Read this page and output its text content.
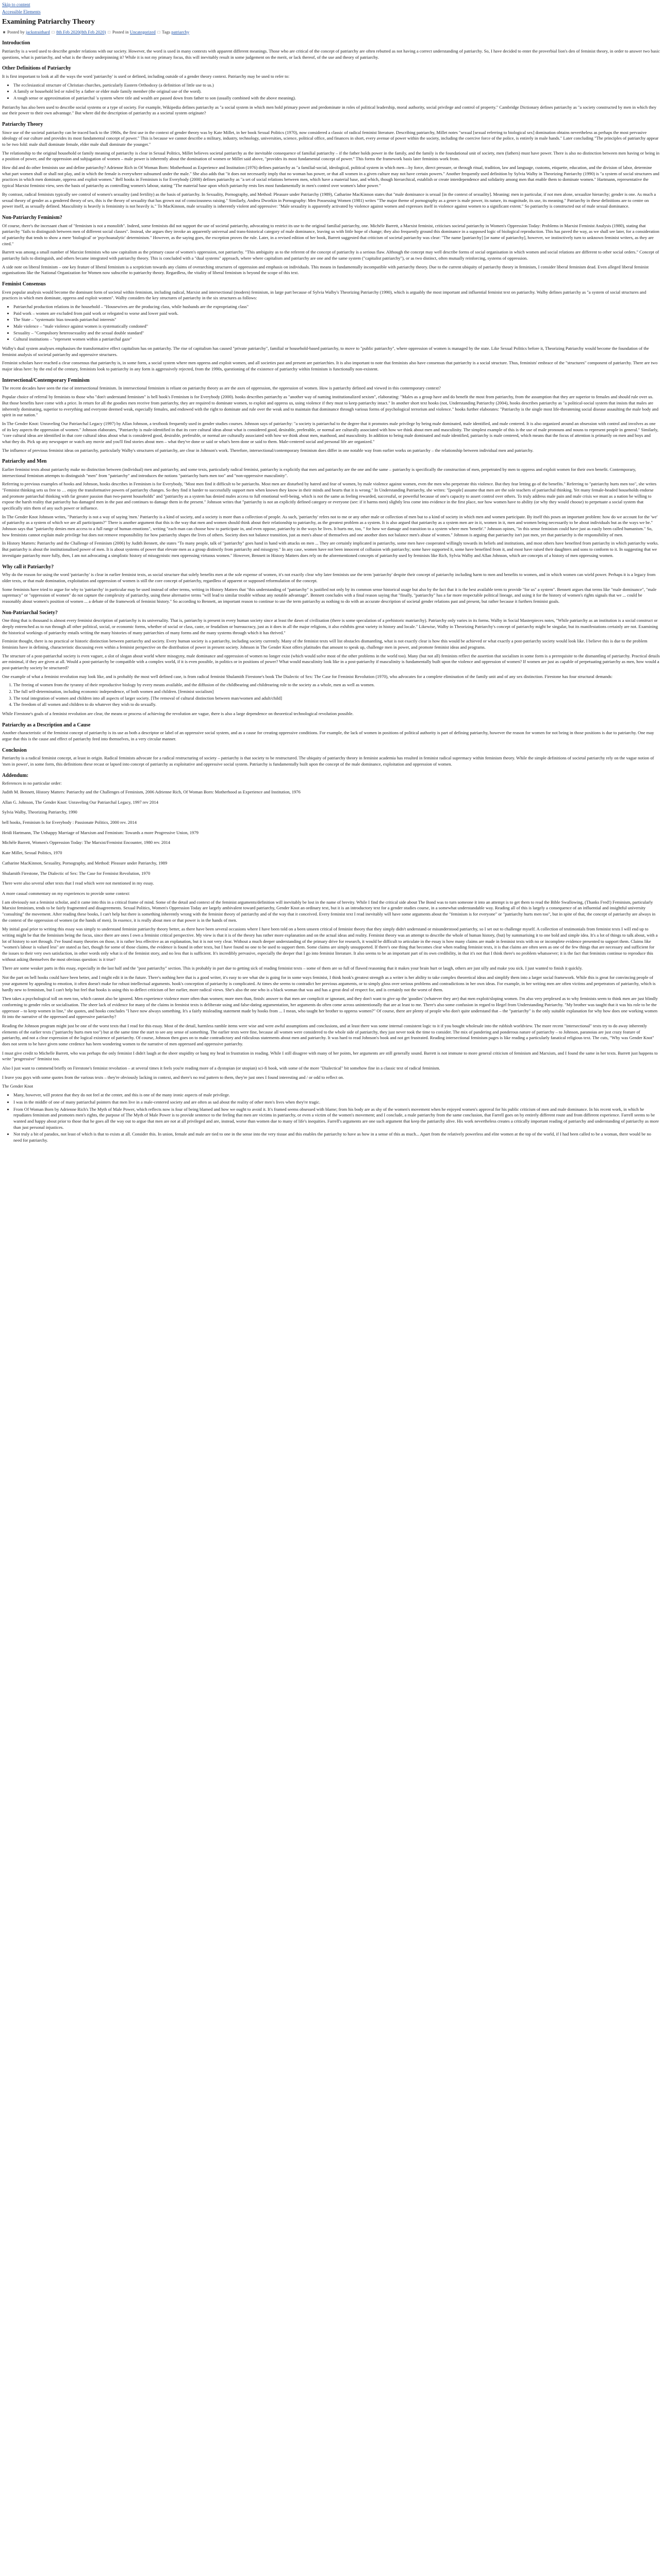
Skip to content
Accessible Elements
Examining Patriarchy Theory
■ Posted by jackstraithard □ 8th Feb 2020(8th Feb 2020) □ Posted in Uncategorized □ Tags patriarchy
Introduction

Patriarchy is a word used to describe gender relations with our society. However, the word is used in many contexts with apparent different meanings. Those who are critical of the concept of patriarchy are often rebutted as not having a correct understanding of patriarchy. So, I have decided to enter the proverbial lion's den of feminist theory, in order to answer two basic questions, what is patriarchy, and what is the theory underpinning it? While it is not my primary focus, this will inevitably result in some judgement on the merit, or lack thereof, of the use and theory of patriarchy.

Other Definitions of Patriarchy

It is first important to look at all the ways the word 'patriarchy' is used or defined, including outside of a gender theory context. Patriarchy may be used to refer to:

• The ecclesiastical structure of Christian churches, particularly Eastern Orthodoxy (a definition of little use to us.)
• A family or household led or ruled by a father or elder male family member (the original use of the word).
• A tough sense or approximation of patriarchal 'a system where title and wealth are passed down from father to son (usually combined with the above meaning).

Patriarchy has also been used to describe social systems or a type of society. For example, Wikipedia defines patriarchy as "a social system in which men hold primary power and predominate in roles of political leadership, moral authority, social privilege and control of property." Cambridge Dictionary defines patriarchy as "a society constructed by men in which they use their power to their own advantage." But where did the description of patriarchy as a societal system originate?

Patriarchy Theory

Since use of the societal patriarchy can be traced back to the 1960s, the first use in the context of gender theory was by Kate Millet, in her book Sexual Politics (1970), now considered a classic of radical feminist literature. Describing patriarchy, Millet notes "sexual [sexual referring to biological sex] domination obtains nevertheless as perhaps the most pervasive ideology of our culture and provides its most fundamental concept of power." This is because we cannot describe a military, industry, technology, universities, science, political office, and finances in short, every avenue of power within the society, including the coercive force of the police, is entirely in male hands." Later concluding "The principles of patriarchy appear to be two fold: male shall dominate female, elder male shall dominate the younger."

The relationship to the original household or family meaning of patriarchy is clear in Sexual Politics, Millet believes societal patriarchy as the inevitable consequence of familial patriarchy – if the father holds power in the family, and the family is the foundational unit of society, men (fathers) must have power. There is also no distinction between men having or being in a position of power, and the oppression and subjugation of women – male power is inherently about the domination of women or Millet said above, "provides its most fundamental concept of power." This forms the framework basis later feminists work from.

How did and do other feminists use and define patriarchy? Adrienne Rich in Of Woman Born: Motherhood as Experience and Institution (1976) defines patriarchy as "a familial-social, ideological, political system in which men—by force, direct pressure, or through ritual, tradition, law and language, customs, etiquette, education, and the division of labor, determine what part women shall or shall not play, and in which the female is everywhere subsumed under the male." She also adds that "it does not necessarily imply that no woman has power, or that all women in a given culture may not have certain powers." Another frequently used definition by Sylvia Walby in Theorizing Patriarchy (1990) is "a system of social structures and practices in which men dominate, oppress and exploit women." Bell hooks in Feminism is for Everybody (2000) defines patriarchy as "a set of social relations between men, which have a material base, and which, though hierarchical, establish or create interdependence and solidarity among men that enable them to dominate women." Hartmann, representative the typical Marxist feminist view, sees the basis of patriarchy as controlling women's labour, stating "The material base upon which patriarchy rests lies most fundamentally in men's control over women's labor power."

By contrast, radical feminists typically see control of women's sexuality (and fertility) as the basis of patriarchy. In Sexuality, Pornography, and Method: Pleasure under Patriarchy (1989), Catharine MacKinnon states that "male dominance is sexual [in the context of sexuality]. Meaning: men in particular, if not men alone, sexualize hierarchy; gender is one. As much a sexual theory of gender as a gendered theory of sex, this is the theory of sexuality that has grown out of consciousness raising." Similarly, Andrea Dworkin in Pornography: Men Possessing Women (1981) writes "The major theme of pornography as a genre is male power, its nature, its magnitude, its use, its meaning." Patriarchy in these definitions are to centre on power itself, as sexually defined. Masculinity is heavily is femininity is not heavily is." To MacKinnon, male sexuality is inherently violent and oppressive: "Male sexuality is apparently activated by violence against women and expresses itself in violence against women to a significant extent." So patriarchy is constructed out of male sexual dominance.

Non-Patriarchy Feminism?

Of course, there's the incessant chant of "feminism is not a monolith". Indeed, some feminists did not support the use of societal patriarchy, advocating to restrict its use to the original familial patriarchy, one. Michèle Barrett, a Marxist feminist, criticises societal patriarchy in Women's Oppression Today: Problems in Marxist Feminist Analysis (1980), stating that patriarchy "fails to distinguish between men of different social classes". Instead, she argues they invoke an apparently universal and trans-historical category of male dominance, leaving us with little hope of change; they also frequently ground this dominance in a supposed logic of biological reproduction. This has paved the way, as we shall see later, for a consideration of patriarchy that tends to show a mere 'biological' or 'psychoanalytic' determinism." However, as the saying goes, the exception proves the rule. Later, in a revised edition of her book, Barrett suggested that criticism of societal patriarchy was clear: "The name [patriarchy] [or name of patriarchy], however, we instinctively turn to unknown feminist writers, as they are cited."

Barrett was among a small number of Marxist feminists who saw capitalism as the primary cause of women's oppression, not patriarchy. "This ambiguity as to the referent of the concept of patriarchy is a serious flaw. Although the concept may well describe forms of social organisation in which women and social relations are different to other social orders." Concept of patriarchy fails to distinguish, and others became integrated with patriarchy theory. This is concluded with a "dual systems" approach, where where capitalism and patriarchy are one and the same system ("capitalist patriarchy"), or as two distinct, often mutually reinforcing, systems of oppression.

A side note on liberal feminism – one key feature of liberal feminism is a scepticism towards any claims of overarching structures of oppression and emphasis on individuals. This means in fundamentally incompatible with patriarchy theory. Due to the current ubiquity of patriarchy theory in feminism, I consider liberal feminism dead. Even alleged liberal feminist organisations like the National Organization for Women now subscribe to patriarchy theory. Regardless, the vitality of liberal feminism is beyond the scope of this text.

Feminist Consensus

Even popular analysis would become the dominant form of societal within feminism, including radical, Marxist and intersectional (modern) feminism, in large part because of Sylvia Walby's Theorizing Patriarchy (1990), which is arguably the most important and influential feminist text on patriarchy. Walby defines patriarchy as "a system of social structures and practices in which men dominate, oppress and exploit women". Walby considers the key structures of patriarchy in the six structures as follows:

• Patriarchal production relations in the household – "Housewives are the producing class, while husbands are the expropriating class"
• Paid work – women are excluded from paid work or relegated to worse and lower paid work.
• The State – "systematic bias towards patriarchal interests"
• Male violence – "male violence against women is systematically condoned"
• Sexuality – "Compulsory heterosexuality and the sexual double standard"
• Cultural institutions – "represent women within a patriarchal gaze"

Walby's dual system analyses emphasises the transformative effect capitalism has on patriarchy. The rise of capitalism has caused "private patriarchy", familial or household-based patriarchy, to move to "public patriarchy", where oppression of women is managed by the state. Like Sexual Politics before it, Theorizing Patriarchy would become the foundation of the feminist analysis of societal patriarchy and oppressive structures.

Feminist scholars have reached a clear consensus that patriarchy is, in some form, a social system where men oppress and exploit women, and all societies past and present are patriarchies. It is also important to note that feminists also have consensus that patriarchy is a social structure. Thus, feminists' embrace of the "structures" component of patriarchy. There are two major ideas here: by the end of the century, feminists look to patriarchy in any form is aggressively rejected, from the 1990s, questioning of the existence of patriarchy within feminism is functionally non-existent.

Intersectional/Contemporary Feminism

The recent decades have seen the rise of intersectional feminism. In intersectional feminism is reliant on patriarchy theory as are the axes of oppression, the oppression of women. How is patriarchy defined and viewed in this contemporary context?

Popular choice of referral by feminists to those who "don't understand feminism" is bell hook's Feminism is for Everybody (2000). hooks describes patriarchy as "another way of naming institutionalized sexism", elaborating: "Males as a group have and do benefit the most from patriarchy, from the assumption that they are superior to females and should rule over us. But those benefits have come with a price. In return for all the goodies men receive from patriarchy, they are required to dominate women, to exploit and oppress us, using violence if they must to keep patriarchy intact." In another short text hooks (not, Understanding Patriarchy (2004), hooks describes patriarchy as "a political-social system that insists that males are inherently dominating, superior to everything and everyone deemed weak, especially females, and endowed with the right to dominate and rule over the weak and to maintain that dominance through various forms of psychological terrorism and violence." hooks further elaborates: "Patriarchy is the single most life-threatening social disease assaulting the male body and spirit in our nation."

In The Gender Knot: Unraveling Our Patriarchal Legacy (1997) by Allan Johnson, a textbook frequently used in gender studies courses. Johnson says of patriarchy: "a society is patriarchal to the degree that it promotes male privilege by being male dominated, male identified, and male centered. It is also organized around an obsession with control and involves as one of its key aspects the oppression of women." Johnson elaborates, "Patriarchy is male-identified in that its core cultural ideas about what is considered good, desirable, preferable, or normal are culturally associated with how we think about men and masculinity. The simplest example of this is the use of male pronouns and nouns to represent people in general." Similarly, "core cultural ideas are identified in that core cultural ideas about what is considered good, desirable, preferable, or normal are culturally associated with how we think about men, manhood, and masculinity. In addition to being male dominated and male identified, patriarchy is male centered, which means that the focus of attention is primarily on men and boys and what they do. Pick up any newspaper or watch any movie and you'll find stories about men – what they've done or said or what's been done or said to them. Male-centered social and personal life are organized."

The influence of previous feminist ideas on patriarchy, particularly Walby's structures of patriarchy, are clear in Johnson's work. Therefore, intersectional/contemporary feminism does differ in one notable way from earlier works on patriarchy – the relationship between individual men and patriarchy.

Patriarchy and Men

Earlier feminist texts about patriarchy make no distinction between (individual) men and patriarchy, and some texts, particularly radical feminist, patriarchy is explicitly that men and patriarchy are the one and the same – patriarchy is specifically the construction of men, perpetrated by men to oppress and exploit women for their own benefit. Contemporary, intersectional feminism attempts to distinguish "men" from "patriarchy" and introduces the notions "patriarchy hurts men too" and "non-oppressive masculinity".

Referring to previous examples of hooks and Johnson, hooks describes in Feminism is for Everybody, "Most men find it difficult to be patriarchs. Most men are disturbed by hatred and fear of women, by male violence against women, even the men who perpetrate this violence. But they fear letting go of the benefits." Referring to "patriarchy hurts men too", she writes "Feminist thinking sets us free to … enjoy the transformative powers of patriarchy changes. So they find it harder to successfully support men when known they know in their minds and hearts that it is wrong." In Understanding Patriarchy, she writes: "[people] assume that men are the sole teachers of patriarchal thinking. Yet many female-headed households endorse and promote patriarchal thinking with far greater passion than two-parent households" and "patriarchy as a system has denied males access to full emotional well-being, which is not the same as feeling rewarded, successful, or powerful because of one's capacity to assert control over others. To truly address male pain and male crisis we must as a nation be willing to expose the harsh reality that patriarchy has damaged men in the past and continues to damage them in the present." Johnson writes that "patriarchy is not an explicitly defined category or everyone (see: if it harms men) slightly less come into evidence in the first place, nor how women have to ability (or why they would choose) to perpetuate a social system that specifically stirs them of any such power or influence.

In The Gender Knot Johnson writes, "Patriarchy is not a way of saying 'men.' Patriarchy is a kind of society, and a society is more than a collection of people. As such, 'patriarchy' refers not to me or any other male or collection of men but to a kind of society in which men and women participate. By itself this poses an important problem: how do we account for the 'we' of patriarchy as a system of which we are all participants?" There is another argument that this is the way that men and women should think about their relationship to patriarchy, as the greatest problem as a system. It is also argued that patriarchy as a system men are in it, women in it, men and women being necessarily to be about individuals but as the ways we be." Johnson says that "patriarchy denies men access to a full range of human emotions", writing "each man can choose how to participate in, and even oppose, patriarchy in the ways he lives. It hurts me, too, " for how we damage and transition to a system where men 'benefit'." Johnson opines, "in this sense feminism could have just as easily been called humanism." So, how feminists cannot explain male privilege but does not remove responsibility for how patriarchy shapes the lives of others. Society does not balance transition, just as men's abuse of themselves and one another does not balance men's abuse of women." Johnson is arguing that patriarchy isn't just men, yet that patriarchy is the responsibility of men.

In History Matters: Patriarchy and the Challenge of Feminism (2006) by Judith Bennett, she states "To many people, talk of "patriarchy" goes hand in hand with attacks on men ... They are certainly implicated in patriarchy, some men have cooperated willingly towards its beliefs and institutions, and most others have benefited from patriarchy in which patriarchy works. But patriarchy is about the institutionalised power of men. It is about systems of power that elevate men as a group distinctly from patriarchy and misogyny." In any case, women have not been innocent of collusion with patriarchy; some have supported it, some have benefited from it, and most have raised their daughters and sons to conform to it. In suggesting that we investigate patriarchy more fully, then, I am not advocating a simplistic history of misogynistic men oppressing virtuous women." However, Bennett in History Matters does rely on the aforementioned concepts of patriarchy used by feminists like Rich, Sylvia Walby and Allan Johnson, which are concepts of a history of men oppressing women.

Why call it Patriarchy?

Why do the reason for using the word 'patriarchy' is clear in earlier feminist texts, as social structure that solely benefits men at the sole expense of women, it's not exactly clear why later feminists use the term 'patriarchy' despite their concept of patriarchy including harm to men and benefits to women, and in which women can wield power. Perhaps it is a legacy from older texts, or that male domination, exploitation and oppression of women is still the core concept of patriarchy, regardless of apparent or supposed reformulation of the concept.

Some feminists have tried to argue for why to 'patriarchy' in particular may be used instead of other terms, writing in History Matters that "this understanding of "patriarchy" is justified not only by its common sense historical usage but also by the fact that it is the best available term to provide "for us" a system". Bennett argues that terms like "male dominance", "male supremacy" or "oppression of women" do not capture the complexity of patriarchy, using these alternative terms "will lead to similar trouble without any notable advantage". Bennett concludes with a final reason saying that "finally, "patriarchy" has a far more respectable political lineage, and using it for the history of women's rights signals that we ... could be reasonably about women's position of women ... a debate of the framework of feminist history." So according to Bennett, an important reason to continue to use the term patriarchy as nothing to do with an accurate description of societal gender relations past and present, but rather because it furthers feminist goals.

Non-Patriarchal Society?

One thing that is thousand is almost every feminist description of patriarchy is its universality. That is, patriarchy is present in every human society since at least the dawn of civilisation (there is some speculation of a prehistoric matriarchy). Patriarchy only varies in its forms. Walby in Social Masterpieces notes, "While patriarchy as an institution is a social construct or deeply entrenched as to run through all other political, social, or economic forms, whether of social or class, caste, or feudalism or bureaucracy, just as it does in all the major religions, it also exhibits great variety in history and locale." Likewise, Walby in Theorizing Patriarchy's concept of patriarchy might be singular, but its manifestations certainly are not. Examining the historical workings of patriarchy entails writing the many histories of many patriarchies of many forms and the many systems through which it has thrived."

Feminist thought, there is no practical or historic distinction between patriarchy and society. Every human society is a patriarchy, including society currently. Many of the feminist texts will list obstacles dismantling, what is not exactly clear is how this would be achieved or what exactly a post-patriarchy society would look like. I believe this is due to the problem feminists have in defining, characteristic discussing even within a feminist perspective on the distribution of power in present society. Johnson in The Gender Knot offers platitudes that amount to speak up, challenge men in power, and promote feminist ideas and programs.

The structure of a post-patriarchal society is even vaguer, a slot of slogan about world where misogyny, male dominance and oppression of women no longer exist (which would solve most of the other problems in the world too). Many (but not all) feminists reflect the assertion that socialism in some form is a prerequisite to the dismantling of patriarchy. Practical details are minimal, if they are given at all. Would a post-patriarchy be compatible with a complex world, if it is even possible, in politics or in positions of power? What would masculinity look like in a post-patriarchy if masculinity is fundamentally built upon the violence and oppression of women? If women are just as capable of perpetuating patriarchy as men, how would a post-patriarchy society be structured?

One example of what a feminist revolution may look like, and is probably the most well defined case, is from radical feminist Shulamith Firestone's book The Dialectic of Sex: The Case for Feminist Revolution (1970), who advocates for a complete elimination of the family unit and of any sex distinction. Firestone has four structural demands:

1. The freeing of women from the tyranny of their reproductive biology by every means available, and the diffusion of the childbearing and childrearing role to the society as a whole, men as well as women.
2. The full self-determination, including economic independence, of both women and children. [feminist socialism]
3. The total integration of women and children into all aspects of larger society. [The removal of cultural distinction between man/women and adult/child]
4. The freedom of all women and children to do whatever they wish to do sexually.

While Firestone's goals of a feminist revolution are clear, the means or process of achieving the revolution are vague, there is also a large dependence on theoretical technological revolution possible.

Patriarchy as a Description and a Cause

Another characteristic of the feminist concept of patriarchy is its use as both a descriptor or label of an oppressive social system, and as a cause for creating oppressive conditions. For example, the lack of women in positions of political authority is part of defining patriarchy, however the reason for women for not being in those positions is due to patriarchy. One may argue that this is the cause and effect of patriarchy feed into themselves, in a very circular manner.

Conclusion

Patriarchy is a radical feminist concept, at least in origin. Radical feminists advocate for a radical restructuring of society – patriarchy is that society to be restructured. The ubiquity of patriarchy theory in feminist academia has resulted in feminist radical supremacy within feminism theory. While the simple definitions of societal patriarchy rely on the vague notion of 'men in power', in some form, this definitions these recast or lapsed into concept of patriarchy as exploitative and oppressive social system. Patriarchy is fundamentally built upon the concept of the male dominance, exploitation and oppression of women.

Addendum:

References in no particular order:

Judith M. Bennett, History Matters: Patriarchy and the Challenges of Feminism, 2006 Adrienne Rich, Of Woman Born: Motherhood as Experience and Institution, 1976

Allan G. Johnson, The Gender Knot: Unraveling Our Patriarchal Legacy, 1997 rev 2014

Sylvia Walby, Theorizing Patriarchy, 1990

bell hooks, Feminism Is for Everybody : Passionate Politics, 2000 rev. 2014

Heidi Hartmann, The Unhappy Marriage of Marxism and Feminism: Towards a more Progressive Union, 1979

Michèle Barrett, Women's Oppression Today: The Marxist/Feminist Encounter, 1980 rev. 2014

Kate Millet, Sexual Politics, 1970

Catharine MacKinnon, Sexuality, Pornography, and Method: Pleasure under Patriarchy, 1989

Shulamith Firestone, The Dialectic of Sex: The Case for Feminist Revolution, 1970

There were also several other texts that I read which were not mentioned in my essay.

A more casual commentary on my experiences to provide some context:

I am obviously not a feminist scholar, and it came into this in a critical frame of mind. Some of the detail and context of the feminist arguments/definition will inevitably be lost in the name of brevity. While I find the critical side about The Bond was to turn someone it into an attempt is to get them to read the Bible Swallowing, (Thanks Fred!) Feminism, particularly Marxist feminism, tends to be fairly fragmented and disagreements. Sexual Politics, Women's Oppression Today are largely ambivalent toward patriarchy, Gender Knot an ordinary text, but it is an introductory text for a gender studies course, in a somewhat understandable way. Reading all of this is largely a consequence of an influential and insightful university "consulting" the movement. After reading these books, I can't help but there is something inherently wrong with the feminist theory of patriarchy and of the way that it conceived. Every feminist text I read inevitably will have some arguments about the "feminism is for everyone" or "patriarchy hurts men too", but in spite of that, the concept of patriarchy are always in the context of the oppression of women (at the hands of men). In essence, it is really about men or that power is in the hands of men.

My initial goal prior to writing this essay was simply to understand feminist patriarchy theory better, as there have been several occasions where I have been told on a been unseen critical of feminist theory that they simply didn't understand or misunderstood patriarchy, so I set out to challenge myself. A collection of testimonials from feminist texts I will end up to writing might be that the feminism being the focus, since there are ones I own a feminist critical perspective. My view is that it is of the theory has rather more explanation and on the actual ideas and reality. Feminist theory was an attempt to describe the whole of human history, (but) by summarising it to one bold and simple idea. It's a lot of things to talk about, with a lot of history to sort through. I've found many theories on those, it is rather less effective as an explanation, but it is not very clear. Without a much deeper understanding of the primary drive for research, it would be difficult to articulate in the essay is how many claims are made in feminist texts with no or incomplete evidence presented to support them. Claims like "women's labour is valued less" are stated as fact, though for some of those claims, the evidence is found in other texts, but I have found no one to be used to support them. Some claims are simply unsupported. If there's one thing that becomes clear when reading feminist texts, it is that claims are often seen as one of the few things that are necessary and sufficient for the issues to their very own satisfaction, in other words only what is of the feminist story, and no less that is sufficient. It's incredibly pervasive, especially the deeper that I go into feminist literature. It also seems to be an important part of its own credibility, in that it's not that I think there's no problem whatsoever; it is the fact that feminists continue to reproduce this without asking themselves the most obvious question: is it true?

There are some weaker parts in this essay, especially in the last half and the "post patriarchy" section. This is probably in part due to getting sick of reading feminist texts – some of them are so full of flawed reasoning that it makes your brain hurt or laugh, others are just silly and make you sick. I just wanted to finish it quickly.

Not the part on bell hooks could have been better, and I might edit it in the future. There's nothing here that is a good writer, it's easy to see what she is going for in some ways feminist, I think hook's greatest strength as a writer is her ability to take complex theoretical ideas and simplify them into a larger social framework. While this is great for convincing people of your argument by appealing to emotion, it often doesn't make for robust intellectual arguments. hook's conception of patriarchy is complicated. At times she seems to contradict her previous arguments, or to simply gloss over serious problems and contradictions in her own ideas. For example, in her writing men are often victims and perpetrators of patriarchy, which is hardly new to feminism, but I can't help but feel that hooks is using this to deflect criticism of her earlier, more radical views. She's also the one who is a black woman that was and has a great deal of respect for, and is certainly not the worst of them.

Then takes a psychological toll on men too, which cannot also be ignored. Men experience violence more often than women; more men than, finish: answer to that men are complicit or ignorant, and they don't want to give up the 'goodies' (whatever they are) that men exploit/sloping women. I'm also very perplexed as to why feminists seem to think men are just blindly conforming to gender roles or socialisation. The sheer lack of evidence for many of the claims in feminist texts is deliberate using and false-dating argumentation, her arguments do often come across unintentionally that are at least to me. There's also some confusion in regard to Hegel from Understanding Patriarchy. "My brother was taught that it was his role to be the oppressor – to keep women in line," she quotes, and hooks concludes "I have now always something. It's a fairly misleading statement made by hooks from ... I mean, who taught her brother to oppress women?" Of course, there are plenty of people who don't quite understand that – the "patriarchy" is the only suitable explanation for why how does one working women fit into the narrative of the oppressed and oppressive patriarchy?

Reading the Johnson program might just be one of the worst texts that I read for this essay. Most of the detail, harmless ramble items were wise and were awful assumptions and conclusions, and at least there was some internal consistent logic to it if you bought wholesale into the rubbish worldview. The more recent "intersectional" texts try to do away inherently elements of the earlier texts ("patriarchy hurts men too") but at the same time the start to see any sense of something. The earlier texts were fine, because all women were considered to the whole side of patriarchy, they just never took the time to consider. The mix of pandering and ponderous nature of patriarchy – to Johnson, paranoias are just crazy feature of patriarchy, and not a clear expression of the logical existence of patriarchy. Of course, Johnson then goes on to make contradictory and ridiculous statements about men and patriarchy. It was hard to read Johnson's book and not get frustrated. Reading intersectional feminism pages is like reading a particularly fanatical religious text. The cuts, "Why was Gender Knot" does not seem to be have given some credence has been wondering women to the narrative of men oppressed and oppressive patriarchy.

I must give credit to Michelle Barrett, who was perhaps the only feminist I didn't laugh at the sheer stupidity or bang my head in frustration in reading. While I still disagree with many of her points, her arguments are still generally sound. Barrett is not immune to more general criticism of feminism and Marxism, and I found the same in her texts. Barrett just happens to write "progressive" feminist too.

Also I just want to commend briefly on Firestone's feminist revolution – at several times it feels you're reading more of a dystopian (or utopian) sci-fi book, with some of the more "Dialectical" bit somehow fine in a classic text of radical feminism.

I leave you guys with some quotes from the various texts – they're obviously lacking in context, and there's no real pattern to them, they're just ones I found interesting and / or odd to reflect on.

The Gender Knot

• Many, however, will protest that they do not feel at the center, and this is one of the many ironic aspects of male privilege.
• I was in the middle of one of many patriarchal pointers that men live in a male-centered society and are often as sad about the reality of other men's lives when they're tragic.
• From Of Woman Born by Adrienne Rich's The Myth of Male Power, which reflects now is four of being blamed and how we ought to avoid it. It's framed seems obsessed with blame; from his body are as shy of the women's movement when he enjoyed women's approval for his public criticism of men and male dominance. In his recent work, in which he repudiates feminism and promotes men's rights, the purpose of The Myth of Male Power is to provide sentence to the feeling that men are victims in patriarchy, or even a victim of the women's movement; and I conclude, a male patriarchy from the same conclusion, that Farrell goes on by entirely different route and from different experience. Farrell seems to be wanted and happy about prior to those that he goes all the way out to argue that men are not at all privileged and are, instead, worse than women due to many of life's inequities. Farrell's arguments are one such argument that keep the patriarchy alive. His work nevertheless creates a critically important reading of patriarchy and understanding of patriarchy as more than just personal injustices.
• Not truly a bit of paradox, not least of which is that to exists at all. Consider this. In union, female and male are tied to one in the sense into the very tissue and this enables the patriarchy to have as how in a sense of this as much... Apart from the relatively powerless and elite women at the top of the world, if I had been called to be a woman, there would be no need for patriarchy.
